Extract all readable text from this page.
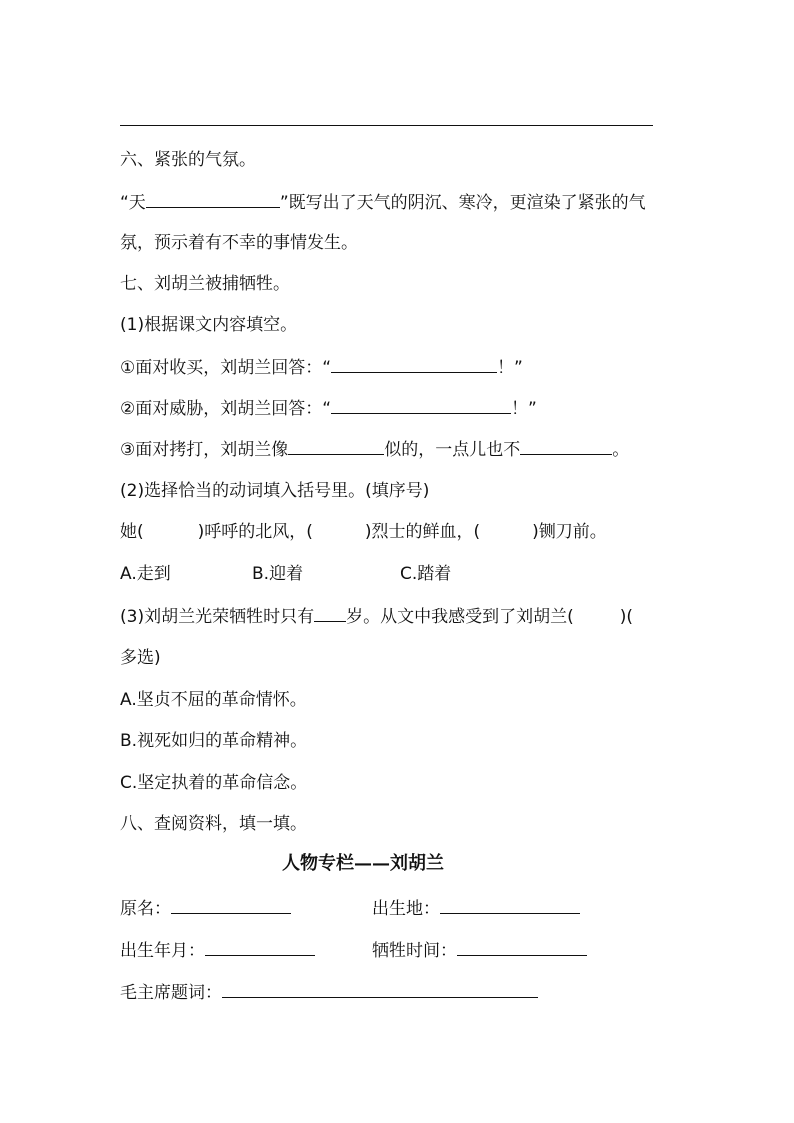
六、紧张的气氛。
“天	”既写出了天气的阴沉、寒冷，更渲染了紧张的气
氛，预示着有不幸的事情发生。
七、刘胡兰被捕牺牲。
(1)根据课文内容填空。
①面对收买，刘胡兰回答：“	！”
②面对威胁，刘胡兰回答：“	！”
③面对拷打，刘胡兰像	似的，一点儿也不	。
(2)选择恰当的动词填入括号里。(填序号)
她(	)呼呼的北风，(	)烈士的鲜血，(	)铡刀前。
A.走到	B.迎着	C.踏着
(3)刘胡兰光荣牺牲时只有 岁。从文中我感受到了刘胡兰(	)(
多选)
A.坚贞不屈的革命情怀。
B.视死如归的革命精神。
C.坚定执着的革命信念。
八、查阅资料，填一填。
人物专栏——刘胡兰
原名：	出生地：
出生年月：	牺牲时间：
毛主席题词：
